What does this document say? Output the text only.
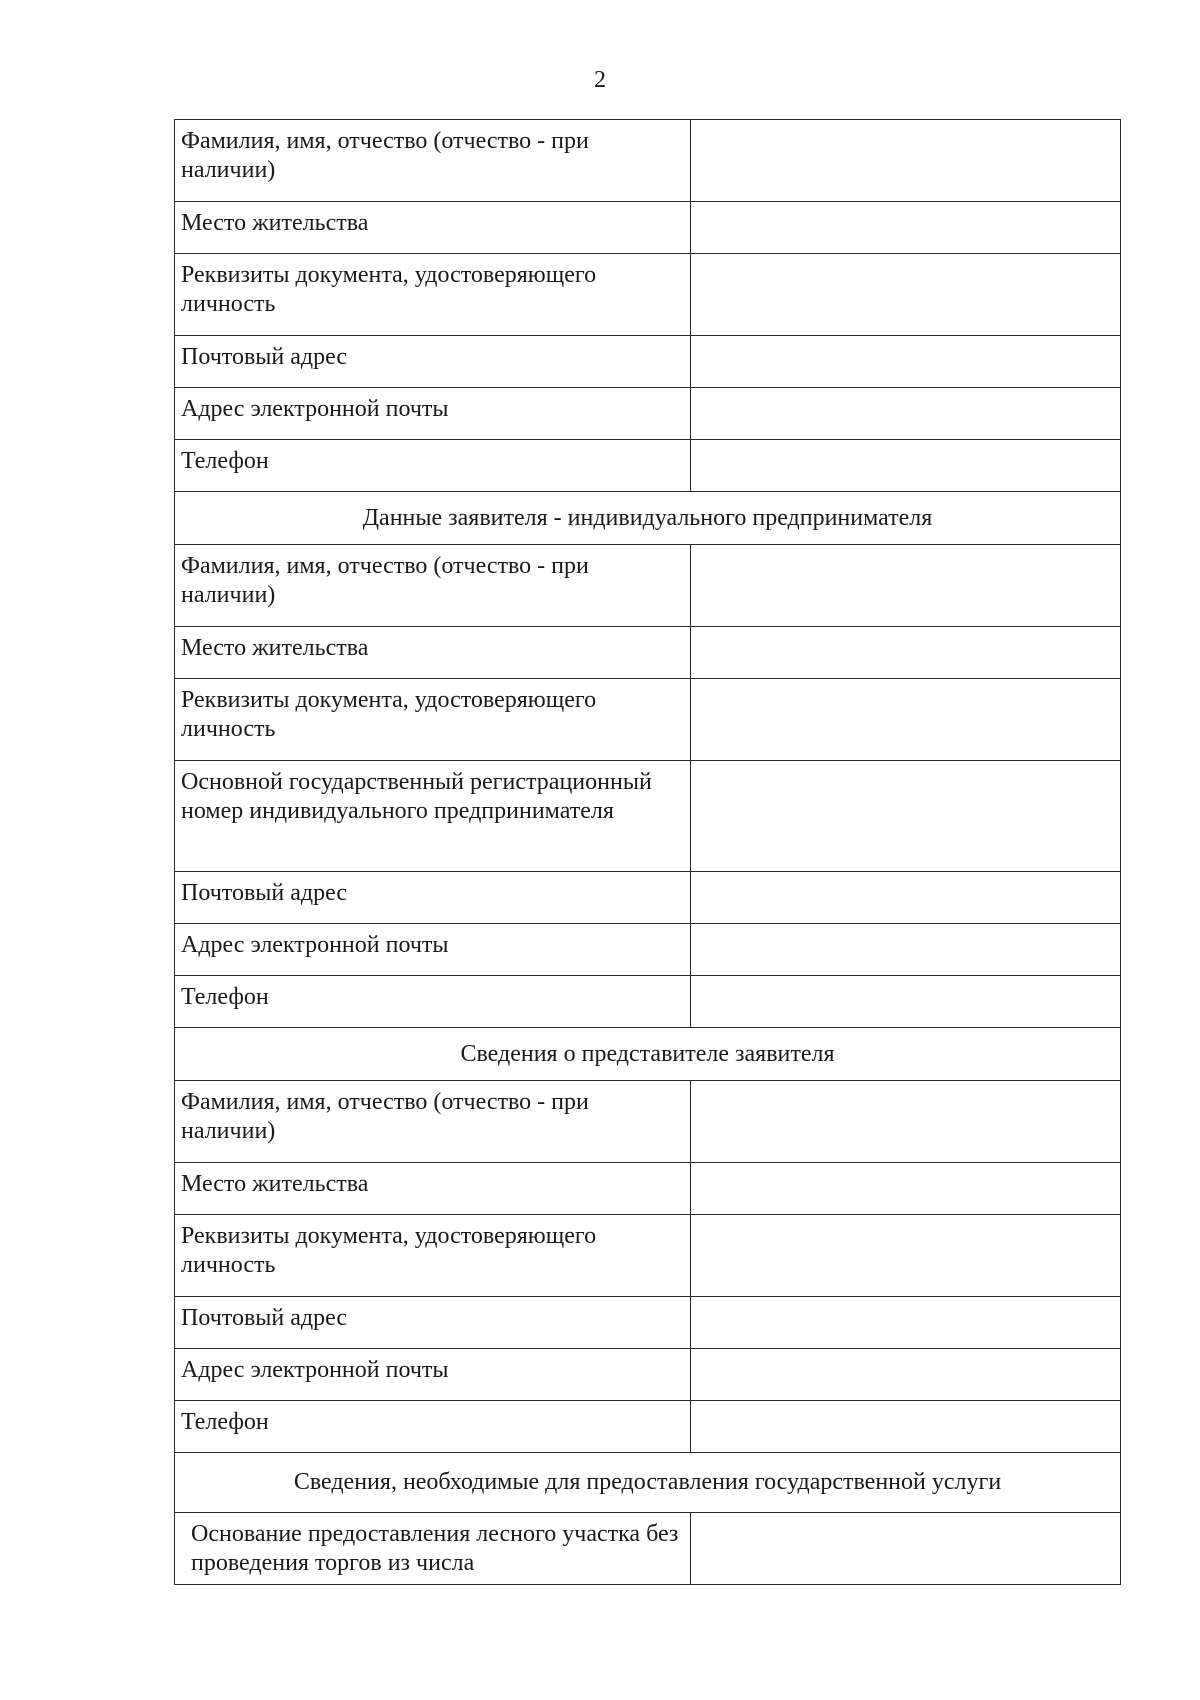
2
Фамилия, имя, отчество (отчество - при наличии)	

Место жительства	

Реквизиты документа, удостоверяющего личность	

Почтовый адрес	

Адрес электронной почты	

Телефон	

Данные заявителя - индивидуального предпринимателя	

Фамилия, имя, отчество (отчество - при наличии)	

Место жительства	

Реквизиты документа, удостоверяющего личность	

Основной государственный регистрационный номер индивидуального предпринимателя	

Почтовый адрес	

Адрес электронной почты	

Телефон	

Сведения о представителе заявителя	

Фамилия, имя, отчество (отчество - при наличии)	

Место жительства	

Реквизиты документа, удостоверяющего личность	

Почтовый адрес	

Адрес электронной почты	

Телефон	

Сведения, необходимые для предоставления государственной услуги	

Основание предоставления лесного участка без проведения торгов из числа	
